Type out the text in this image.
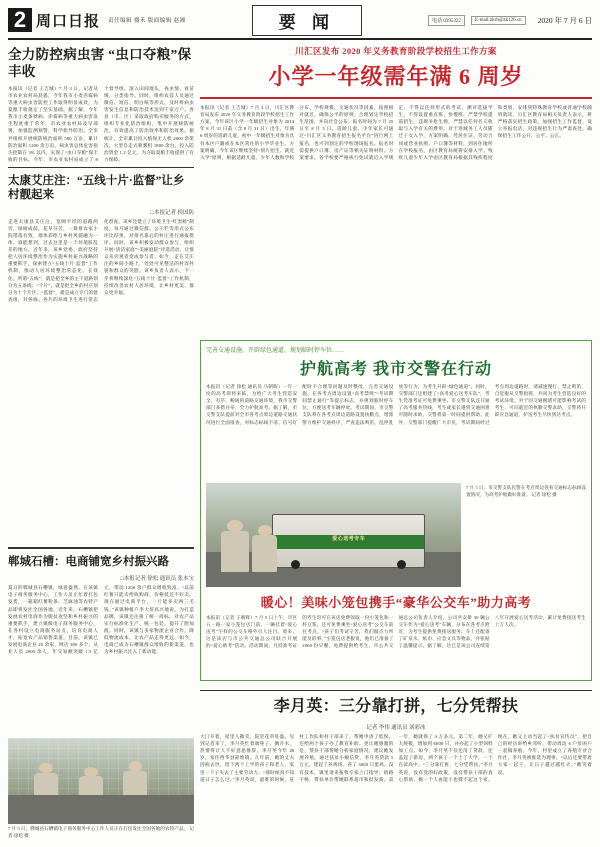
2 周口日报 责任编辑 禤禾 版面编辑 赵湘	要 闻	电话 0395322	E-mail:zkrb@zk126.cn	2020 年 7 月 6 日
全力防控病虫害 “虫口夺粮”保丰收
本报讯（记者 王吉城）7 月 3 日，记者从市农业农村局获悉，今年我市小麦赤霉病等重大病虫害防控工作取得明显成效，为夏粮丰收奠定了坚实基础。据了解，今年我市小麦条锈病、赤霉病等重大病虫害发生程度重于常年，市农业农村局及早部署，加强监测预警，科学指导防治。全市共组织开展统防统治面积 580 万亩，累计防治面积 1200 余万亩，病虫害总体危害损失控制在 3% 以内，实现了“虫口夺粮”保丰收的目标。今年，市农业农村局成立了 8 个督导组，深入田间地头，查虫情、看苗情，分类指导。同时，组织农技人员通过微信、短信、明白纸等形式，及时将病虫害发生信息和防治技术送到千家万户。各县（市、区）采取政府购买服务的方式，组织专业化防治组织，集中开展统防统治，有效提高了防治效率和防治效果。据统计，全市累计投入植保无人机 2600 余架次，大型自走式喷雾机 1800 余台，投入防治资金 1.2 亿元，为夺取夏粮丰收提供了有力保障。
太康艾庄注：“五线十片·监督”让乡村靓起来
□本报记者 侯国防
走进太康县艾庄注，宽阔平坦的道路两旁，绿树成荫，花草芬芳，一排排农家小院错落有致，墙体彩绘与乡村风貌融为一体。谁能想到，过去这里是一个环境脏乱差的地方。近年来，该乡党委、政府坚持把人居环境整治作为实施乡村振兴战略的重要抓手，探索建立“五线十片·监督”工作机制，推动人居环境整治常态化、长效化。所谓“五线”，就是把全乡的主干道路划分为五条线；“十片”，就是把全乡的村庄划分为十个片区；“监督”，就是成立专门的督查组，对各线、各片的环境卫生进行常态化督查。该乡还建立了环境卫生“红黑榜”制度，每月通过微信群、公示栏等形式公布评比结果，对排名靠后的村庄进行通报批评。同时，该乡积极发动群众参与，组织开展“清洁家庭”“美丽庭院”评选活动，让群众从旁观者变成参与者。如今，走在艾庄注的乡间小路上，处处可见整洁的村容村貌和群众的笑脸。该乡负责人表示，下一步将继续深化“五线十片·监督”工作机制，持续改善农村人居环境，让乡村更美、群众更幸福。
郸城石槽：电商铺宽乡村振兴路
□本报记者 徐松 通讯员 张本宝
夏日的郸城县石槽镇，绿意盎然。在该镇电子商务服务中心，工作人员正忙着打包发货，一箱箱红薯粉条、芝麻油等农特产品即将发往全国各地。近年来，石槽镇把发展农村电商作为脱贫攻坚和乡村振兴的重要抓手，建立镇级电子商务服务中心，在各村设立电商服务站点，培育电商人才，拓宽农产品销售渠道。目前，该镇已发展电商企业 20 余家，网店 300 多个，从业人员 2000 余人，年交易额突破 1.5 亿元，带动 1200 余户群众增收致富。“以前红薯只能卖给收购商，价格低还不好卖。现在通过电商平台，一斤能多卖两三毛钱。”该镇种植户李大哥高兴地说。为打造品牌，该镇还注册了统一商标，对农产品实行标准化生产、统一包装，提升了附加值。同时，该镇与多家物流企业合作，降低物流成本，让农产品走得更远。如今，电商已成为石槽镇群众增收的新渠道，也为乡村振兴注入了新动能。
7 月 5 日，郸城县石槽镇电子商务服务中心工作人员正在打包发往全国各地的农特产品。 记者 徐松 摄
川汇区发布 2020 年义务教育阶段学校招生工作方案
小学一年级需年满 6 周岁
本报讯（记者 王吉城）7 月 3 日，川汇区教育局发布 2020 年义务教育阶段学校招生工作方案，今年该区小学一年级招生对象为 2014 年 8 月 31 日前（含 8 月 31 日）出生、年满 6 周岁的适龄儿童，初中一年级招生对象为具有本区户籍或在本区常住的小学毕业生。方案明确，今年该区继续坚持“划片招生、就近入学”原则，根据适龄儿童、少年人数和学校分布、学校规模、交通状况等因素，按照相对就近、确保公平的原则，合理划定学校招生范围，并向社会公布。报名时间为 7 月 25 日至 8 月 5 日，适龄儿童、少年家长可通过“川汇区义务教育招生报名平台”进行网上报名，也可到划定的学校现场报名。报名时需提供户口簿、房产证等相关证明材料。方案要求，各学校要严格执行免试就近入学规定，不得以任何形式的考试、测评选拔学生，不得设置重点班、快慢班。严禁学校提前招生、违规争抢生源，严禁以任何名义收取与入学有关的费用。对于进城务工人员随迁子女入学，方案明确，凭居住证、劳动合同或营业执照、户口簿等材料，到居住地所在学校报名，由区教育局统筹安排入学。残疾儿童少年入学由区教育局根据其残疾程度和类别，安排到特殊教育学校或普通学校随班就读。川汇区教育局相关负责人表示，将严格落实招生政策，加强招生工作监督，设立举报电话，对违规招生行为严肃查处，确保招生工作公开、公平、公正。
完善交通设施、开辟绿色通道、规划临时停车位……
护航高考 我市交警在行动
本报讯（记者 徐松 通讯员 马朝晖）一年一度的高考即将来临，为给广大考生营造安全、有序、畅通的道路交通环境，我市交警部门多措并举，全力护航高考。据了解，市交警支队提前对全市各考点周边道路交通状况进行全面排查，对标志标线不清、信号灯配时不合理等问题及时整改，完善交通设施。在各考点周边设置“高考禁鸣”“考试期间禁止通行”等提示标志，并规划临时停车位，方便送考车辆停放。考试期间，市交警支队将在各考点周边道路设置执勤点，增派警力维护交通秩序，严查违法鸣笛、乱停乱放等行为，为考生开辟“绿色通道”。同时，交警部门还组建了“高考爱心送考车队”，考生凭准考证可免费乘坐。市交警支队还开通了高考服务热线，考生或家长遇到交通困难可随时求助，交警将第一时间提供帮助。此外，交警部门提醒广大市民，考试期间经过考点周边道路时，请减速慢行、禁止鸣笛，自觉服从交警指挥，共同为考生营造良好的考试环境。对于因交通拥堵可能影响考试的考生，可向就近的执勤交警求助，交警将开辟应急通道，护送考生尽快到达考点。
爱心送考专车
7 月 5 日，市交警支队民警在考点周边查看交通标志标线设置情况，为高考护航做好准备。 记者 徐松 摄
暖心！美味小笼包携手“豪华公交车”助力高考
本报讯（记者 王朝辉）7 月 5 日上午，市区五一路一家小笼包店门前，一辆挂着“爱心送考”字样的公交车格外引人注目。原来，这是该店与市公共交通总公司联合开展的“爱心助考”活动。活动期间，凡持准考证的考生均可在该店免费领取一份小笼包和一杯豆浆，还可免费乘坐“爱心送考”公交车前往考点。“孩子们考试辛苦，我们做点力所能及的事。”小笼包店老板说，他们已准备了 2000 份早餐，免费提供给考生。市公共交通总公司负责人介绍，公司共安排 30 辆公交车作为“爱心送考”车辆，分布在各考点附近，为考生提供免费接送服务。车上还配备了矿泉水、纸巾、应急文具等物品，并张贴了温馨提示。据了解，这已是该公司连续第八年开展爱心送考活动，累计免费接送考生上万人次。
李月英：三分靠打拼，七分凭帮扶
记者 李伟 通讯员 刘彩冰
大门开着，屋里人敞笑，院里花草旺盛。见到记者来了，李月英忙着端凳子、倒开水，热情得让人不好意思推辞。李月英今年 48 岁，家住西华县聂堆镇。几年前，她的丈夫因病去世，留下两个上学的孩子和老人，家里一下子失去了主要劳动力。“那时候真不知道日子怎么过。”李月英说，最难的时候，驻村工作队和村干部来了，帮她申请了低保，还给两个孩子办了教育补助。更让她感激的是，帮扶干部帮她分析家庭情况，建议她发展养殖。通过扶贫小额信贷，李月英贷款 5 万元，建起了养鸡场，养了 3000 只蛋鸡。没有技术，镇里请来畜牧专家上门指导；销路不畅，帮扶单位帮她联系超市和批发商。第一年，她就挣了 4 万多元。第二年，她又扩大规模，增加到 6000 只，并办起了小型饲料加工点。如今，李月英不仅还清了贷款，还盖起了新房，两个孩子一个上了大学，一个在读高中。“三分靠打拼，七分凭帮扶。”李月英说，没有党的好政策，没有帮扶干部的真心帮助，她一个人再能干也撑不起这个家。现在，她又主动当起了“扶贫宣传员”，把自己的经历讲给乡邻听，带动周边 6 户贫困户一起搞养殖。今年，村里成立了养殖专业合作社，李月英被推选为理事。“以后还要带着大家一起干，让日子越过越红火。”她笑着说。
